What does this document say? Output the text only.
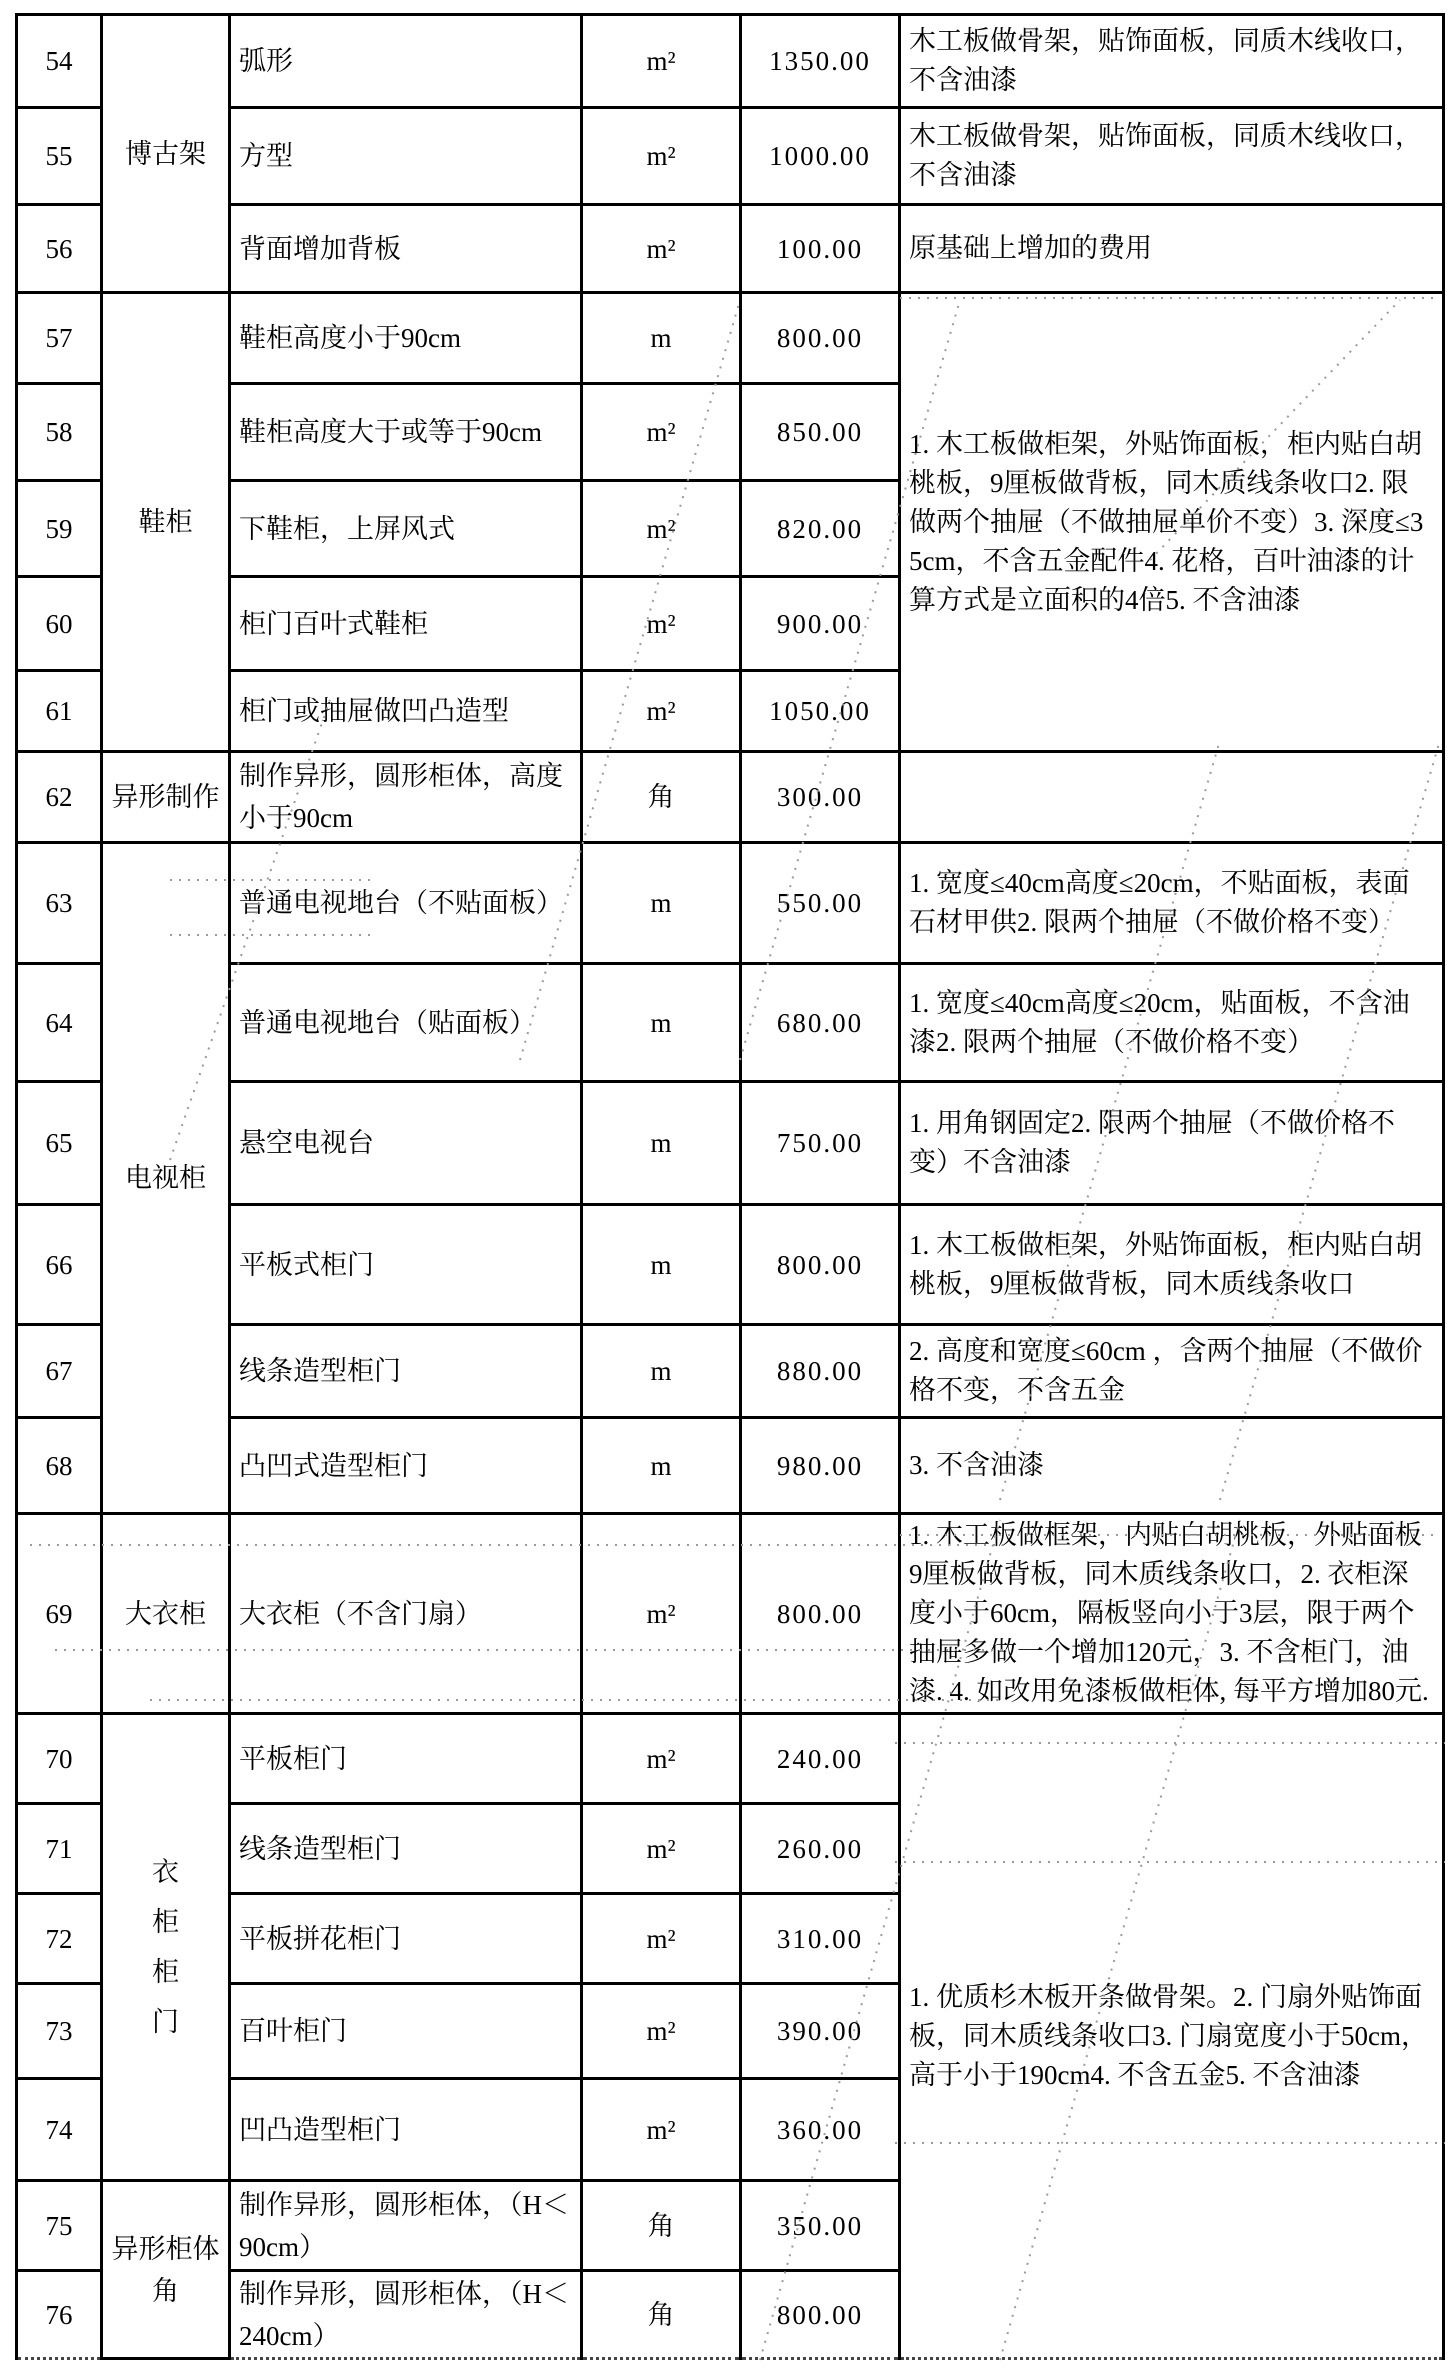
54	博古架	弧形	m²	1350.00	木工板做骨架，贴饰面板，同质木线收口，不含油漆
55		方型	m²	1000.00	木工板做骨架，贴饰面板，同质木线收口，不含油漆
56		背面增加背板	m²	100.00	原基础上增加的费用
57	鞋柜	鞋柜高度小于90cm	m	800.00	1. 木工板做柜架，外贴饰面板，柜内贴白胡桃板，9厘板做背板，同木质线条收口2. 限做两个抽屉（不做抽屉单价不变）3. 深度≤35cm，不含五金配件4. 花格，百叶油漆的计算方式是立面积的4倍5. 不含油漆
58		鞋柜高度大于或等于90cm	m²	850.00	
59		下鞋柜，上屏风式	m²	820.00	
60		柜门百叶式鞋柜	m²	900.00	
61		柜门或抽屉做凹凸造型	m²	1050.00	
62	异形制作	制作异形，圆形柜体，高度小于90cm	角	300.00	
63	电视柜	普通电视地台（不贴面板）	m	550.00	1. 宽度≤40cm高度≤20cm，不贴面板，表面石材甲供2. 限两个抽屉（不做价格不变）
64		普通电视地台（贴面板）	m	680.00	1. 宽度≤40cm高度≤20cm，贴面板，不含油漆2. 限两个抽屉（不做价格不变）
65		悬空电视台	m	750.00	1. 用角钢固定2. 限两个抽屉（不做价格不变）不含油漆
66		平板式柜门	m	800.00	1. 木工板做柜架，外贴饰面板，柜内贴白胡桃板，9厘板做背板，同木质线条收口
67		线条造型柜门	m	880.00	2. 高度和宽度≤60cm ，含两个抽屉（不做价格不变，不含五金
68		凸凹式造型柜门	m	980.00	3. 不含油漆
69	大衣柜	大衣柜（不含门扇）	m²	800.00	1. 木工板做框架，内贴白胡桃板，外贴面板9厘板做背板，同木质线条收口，2. 衣柜深度小于60cm，隔板竖向小于3层，限于两个抽屉多做一个增加120元，3. 不含柜门，油漆. 4. 如改用免漆板做柜体, 每平方增加80元.
70	衣柜柜门	平板柜门	m²	240.00	1. 优质杉木板开条做骨架。2. 门扇外贴饰面板，同木质线条收口3. 门扇宽度小于50cm，高于小于190cm4. 不含五金5. 不含油漆
71		线条造型柜门	m²	260.00	
72		平板拼花柜门	m²	310.00	
73		百叶柜门	m²	390.00	
74		凹凸造型柜门	m²	360.00	
75	异形柜体角	制作异形，圆形柜体，（H＜90cm）	角	350.00	
76		制作异形，圆形柜体，（H＜240cm）	角	800.00	
